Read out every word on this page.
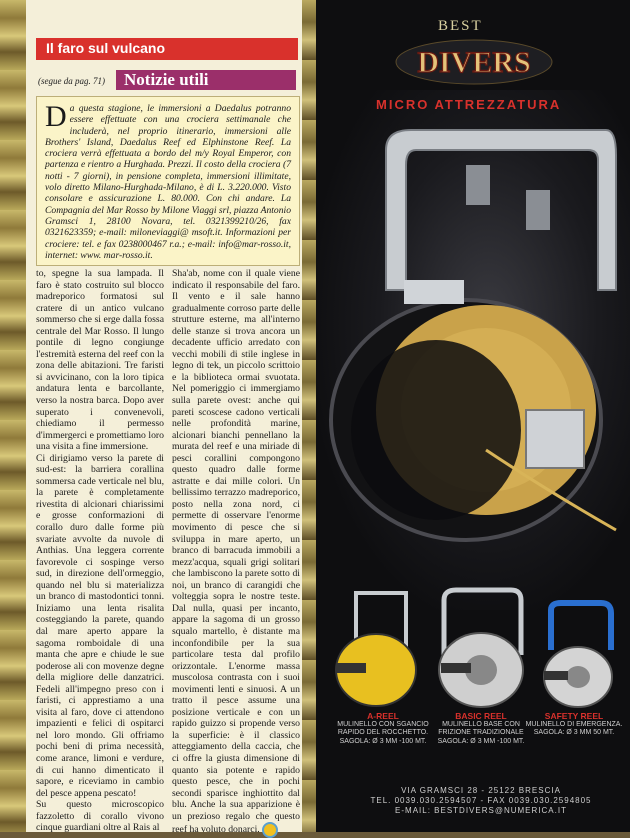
Il faro sul vulcano
(segue da pag. 71) Notizie utili

Da questa stagione, le immersioni a Daedalus potranno essere effettuate con una crociera settimanale che includerà, nel proprio itinerario, immersioni alle Brothers' Island, Daedalus Reef ed Elphinstone Reef. La crociera verrà effettuata a bordo del m/y Royal Emperor, con partenza e rientro a Hurghada. Prezzi. Il costo della crociera (7 notti - 7 giorni), in pensione completa, immersioni illimitate, volo diretto Milano-Hurghada-Milano, è di L. 3.220.000. Visto consolare e assicurazione L. 80.000. Con chi andare. La Compagnia del Mar Rosso by Milone Viaggi srl, piazza Antonio Gramsci 1, 28100 Novara, tel. 0321399210/26, fax 0321623359; e-mail: miloneviaggi@ msoft.it. Informazioni per crociere: tel. e fax 0238000467 r.a.; e-mail: info@mar-rosso.it, internet: www. mar-rosso.it.

to, spegne la sua lampada. Il faro è stato costruito sul blocco madreporico formatosi sul cratere di un antico vulcano sommerso che si erge dalla fossa centrale del Mar Rosso. Il lungo pontile di legno congiunge l'estremità esterna del reef con la zona delle abitazioni. Tre faristi si avvicinano, con la loro tipica andatura lenta e barcollante, verso la nostra barca. Dopo aver superato i convenevoli, chiediamo il permesso d'immergerci e promettiamo loro una visita a fine immersione.

Ci dirigiamo verso la parete di sud-est: la barriera corallina sommersa cade verticale nel blu, la parete è completamente rivestita di alcionari chiarissimi e grosse conformazioni di corallo duro dalle forme più svariate avvolte da nuvole di Anthias. Una leggera corrente favorevole ci sospinge verso sud, in direzione dell'ormeggio, quando nel blu si materializza un branco di mastodontici tonni. Iniziamo una lenta risalita costeggiando la parete, quando dal mare aperto appare la sagoma romboidale di una manta che apre e chiude le sue poderose ali con movenze degne della migliore delle danzatrici. Fedeli all'impegno preso con i faristi, ci apprestiamo a una visita al faro, dove ci attendono impazienti e felici di ospitarci nel loro mondo. Gli offriamo pochi beni di prima necessità, come arance, limoni e verdure, di cui hanno dimenticato il sapore, e riceviamo in cambio del pesce appena pescato!

Su questo microscopico fazzoletto di corallo vivono cinque guardiani oltre al Rais al

Sha'ab, nome con il quale viene indicato il responsabile del faro. Il vento e il sale hanno gradualmente corroso parte delle strutture esterne, ma all'interno delle stanze si trova ancora un decadente ufficio arredato con vecchi mobili di stile inglese in legno di tek, un piccolo scrittoio e la biblioteca ormai svuotata. Nel pomeriggio ci immergiamo sulla parete ovest: anche qui pareti scoscese cadono verticali nelle profondità marine, alcionari bianchi pennellano la murata del reef e una miriade di pesci corallini compongono questo quadro dalle forme astratte e dai mille colori. Un bellissimo terrazzo madreporico, posto nella zona nord, ci permette di osservare l'enorme movimento di pesce che si sviluppa in mare aperto, un branco di barracuda immobili a mezz'acqua, squali grigi solitari che lambiscono la parete sotto di noi, un branco di carangidi che volteggia sopra le nostre teste. Dal nulla, quasi per incanto, appare la sagoma di un grosso squalo martello, è distante ma inconfondibile per la sua particolare testa dal profilo orizzontale. L'enorme massa muscolosa contrasta con i suoi movimenti lenti e sinuosi. A un tratto il pesce assume una posizione verticale e con un rapido guizzo si propende verso la superficie: è il classico atteggiamento della caccia, che ci offre la giusta dimensione di quanto sia potente e rapido questo pesce, che in pochi secondi sparisce inghiottito dal blu. Anche la sua apparizione è un prezioso regalo che questo reef ha voluto donarci.

BEST
DIVERS
MICRO ATTREZZATURA
A-REEL
MULINELLO CON SGANCIO RAPIDO DEL ROCCHETTO. SAGOLA: Ø 3 MM -100 MT.
BASIC REEL
MULINELLO BASE CON FRIZIONE TRADIZIONALE SAGOLA: Ø 3 MM -100 MT.
SAFETY REEL
MULINELLO DI EMERGENZA. SAGOLA: Ø 3 MM 50 MT.
VIA GRAMSCI 28 - 25122 BRESCIA
TEL. 0039.030.2594507 - FAX 0039.030.2594805
E-MAIL: BESTDIVERS@NUMERICA.IT
